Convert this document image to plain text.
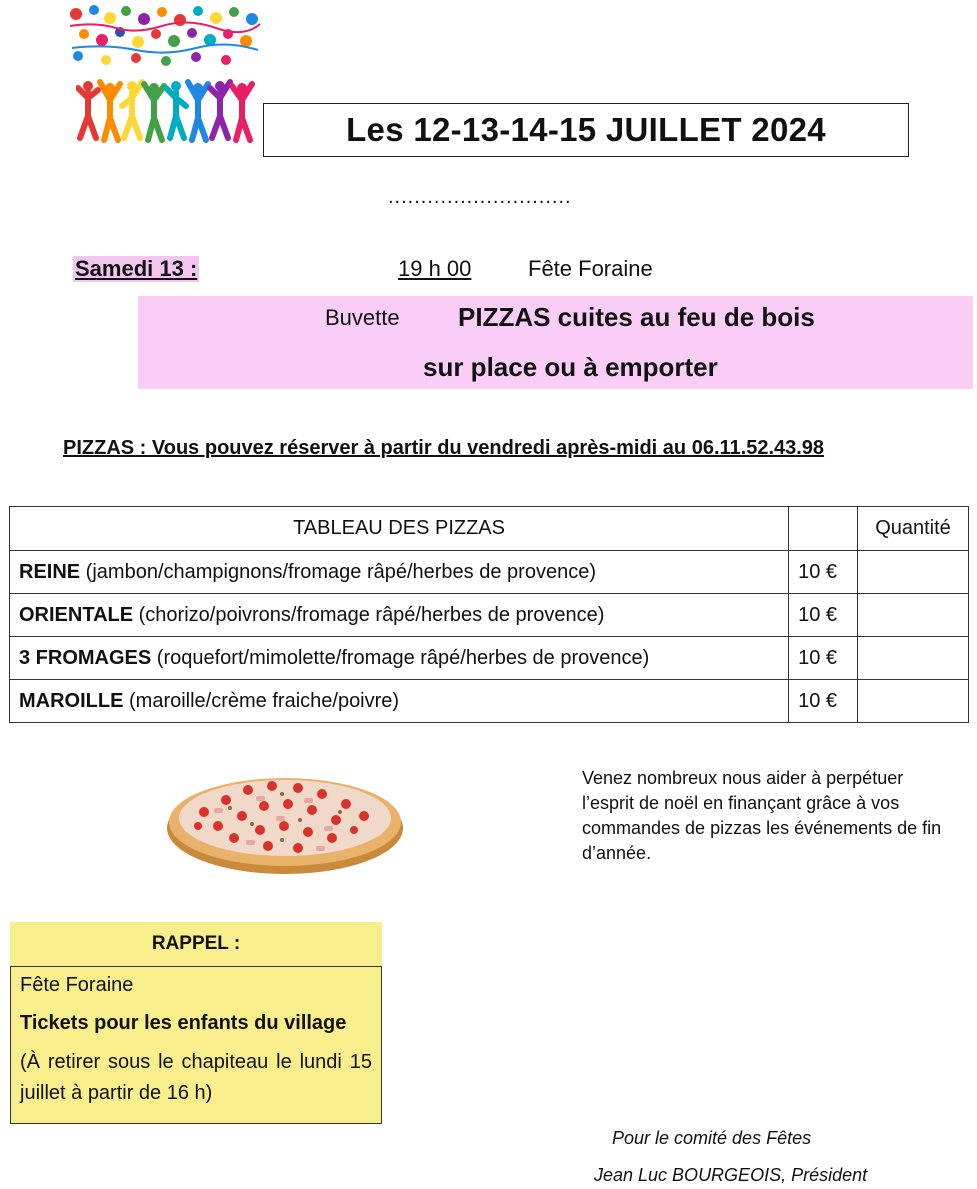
Les 12-13-14-15 JUILLET 2024
............................
Samedi 13 :	19 h 00	Fête Foraine
Buvette PIZZAS cuites au feu de bois
sur place ou à emporter
PIZZAS : Vous pouvez réserver à partir du vendredi après-midi au 06.11.52.43.98
TABLEAU DES PIZZAS		Quantité
REINE (jambon/champignons/fromage râpé/herbes de provence)	10 €	
ORIENTALE (chorizo/poivrons/fromage râpé/herbes de provence)	10 €	
3 FROMAGES (roquefort/mimolette/fromage râpé/herbes de provence)	10 €	
MAROILLE (maroille/crème fraiche/poivre)	10 €	
Venez nombreux nous aider à perpétuer l’esprit de noël en finançant grâce à vos commandes de pizzas les événements de fin d’année.
RAPPEL :
Fête Foraine
Tickets pour les enfants du village
(À retirer sous le chapiteau le lundi 15 juillet à partir de 16 h)
Pour le comité des Fêtes
Jean Luc BOURGEOIS, Président
